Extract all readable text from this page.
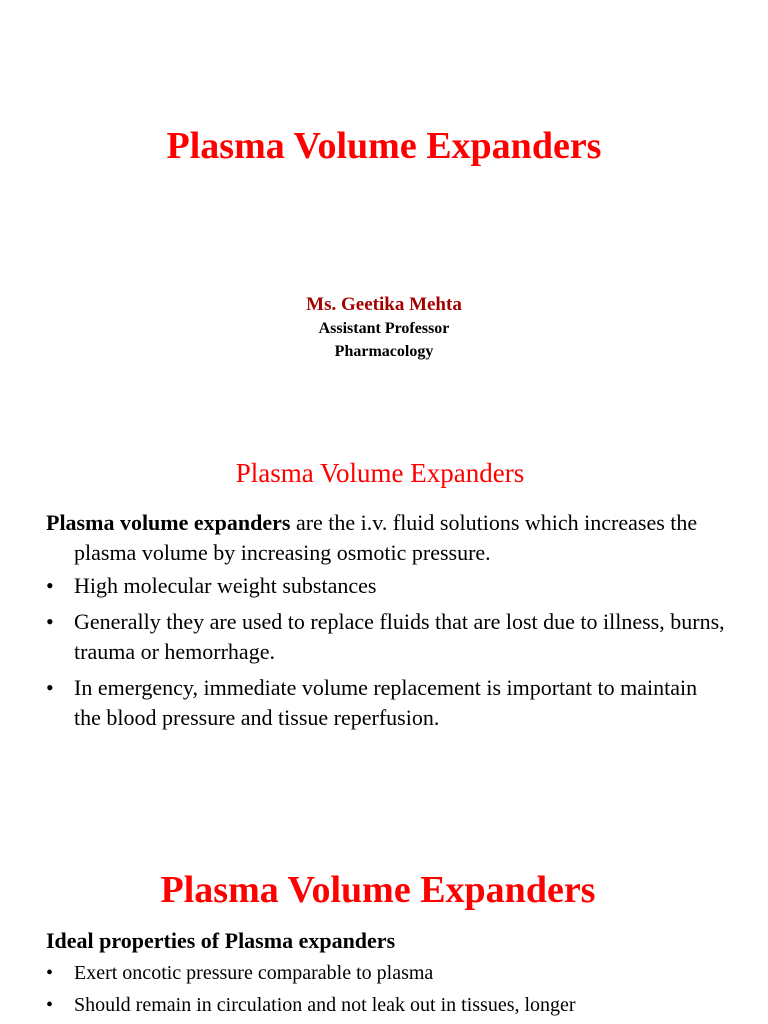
Plasma Volume Expanders
Ms. Geetika Mehta
Assistant Professor
Pharmacology
Plasma Volume Expanders

Plasma volume expanders are the i.v. fluid solutions which increases the plasma volume by increasing osmotic pressure.

• High molecular weight substances
• Generally they are used to replace fluids that are lost due to illness, burns, trauma or hemorrhage.
• In emergency, immediate volume replacement is important to maintain the blood pressure and tissue reperfusion.
Plasma Volume Expanders
Ideal properties of Plasma expanders
•	Exert oncotic pressure comparable to plasma
•	Should remain in circulation and not leak out in tissues, longer
